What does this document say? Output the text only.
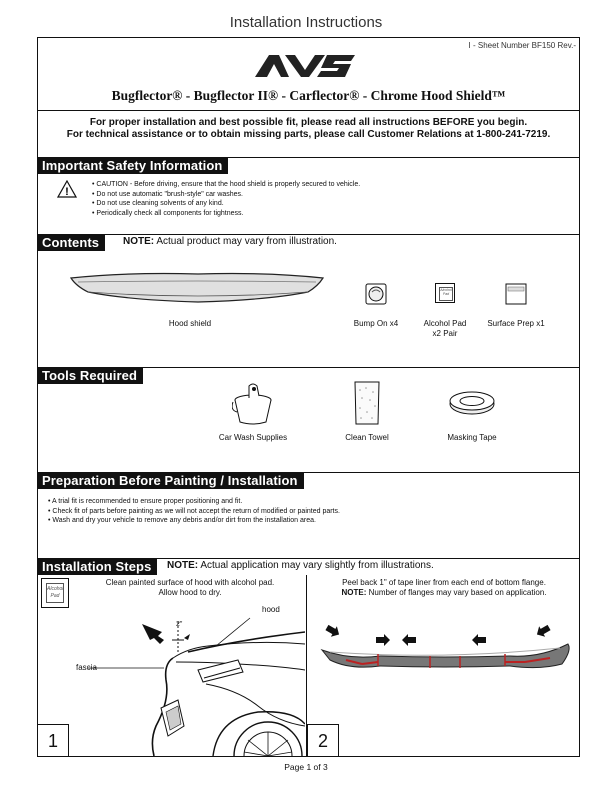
Installation Instructions
I - Sheet Number BF150 Rev.-
Bugflector® - Bugflector II® - Carflector® - Chrome Hood Shield™
For proper installation and best possible fit, please read all instructions BEFORE you begin.
For technical assistance or to obtain missing parts, please call Customer Relations at 1-800-241-7219.
Important Safety Information
!
• CAUTION - Before driving, ensure that the hood shield is properly secured to vehicle.
• Do not use automatic "brush-style" car washes.
• Do not use cleaning solvents of any kind.
• Periodically check all components for tightness.
Contents	NOTE: Actual product may vary from illustration.
Hood shield	Bump On x4
Alcohol Pad
Alcohol Pad x2 Pair
Surface Prep x1
Tools Required
Car Wash Supplies	Clean Towel	Masking Tape
Preparation Before Painting / Installation
• A trial fit is recommended to ensure proper positioning and fit.
• Check fit of parts before painting as we will not accept the return of modified or painted parts.
• Wash and dry your vehicle to remove any debris and/or dirt from the installation area.
Installation Steps	NOTE: Actual application may vary slightly from illustrations.
Alcohol Pad
Clean painted surface of hood with alcohol pad.
Allow hood to dry.
2"
hood
fascia
1
Peel back 1" of tape liner from each end of bottom flange.
NOTE: Number of flanges may vary based on application.
2
Page 1 of 3
